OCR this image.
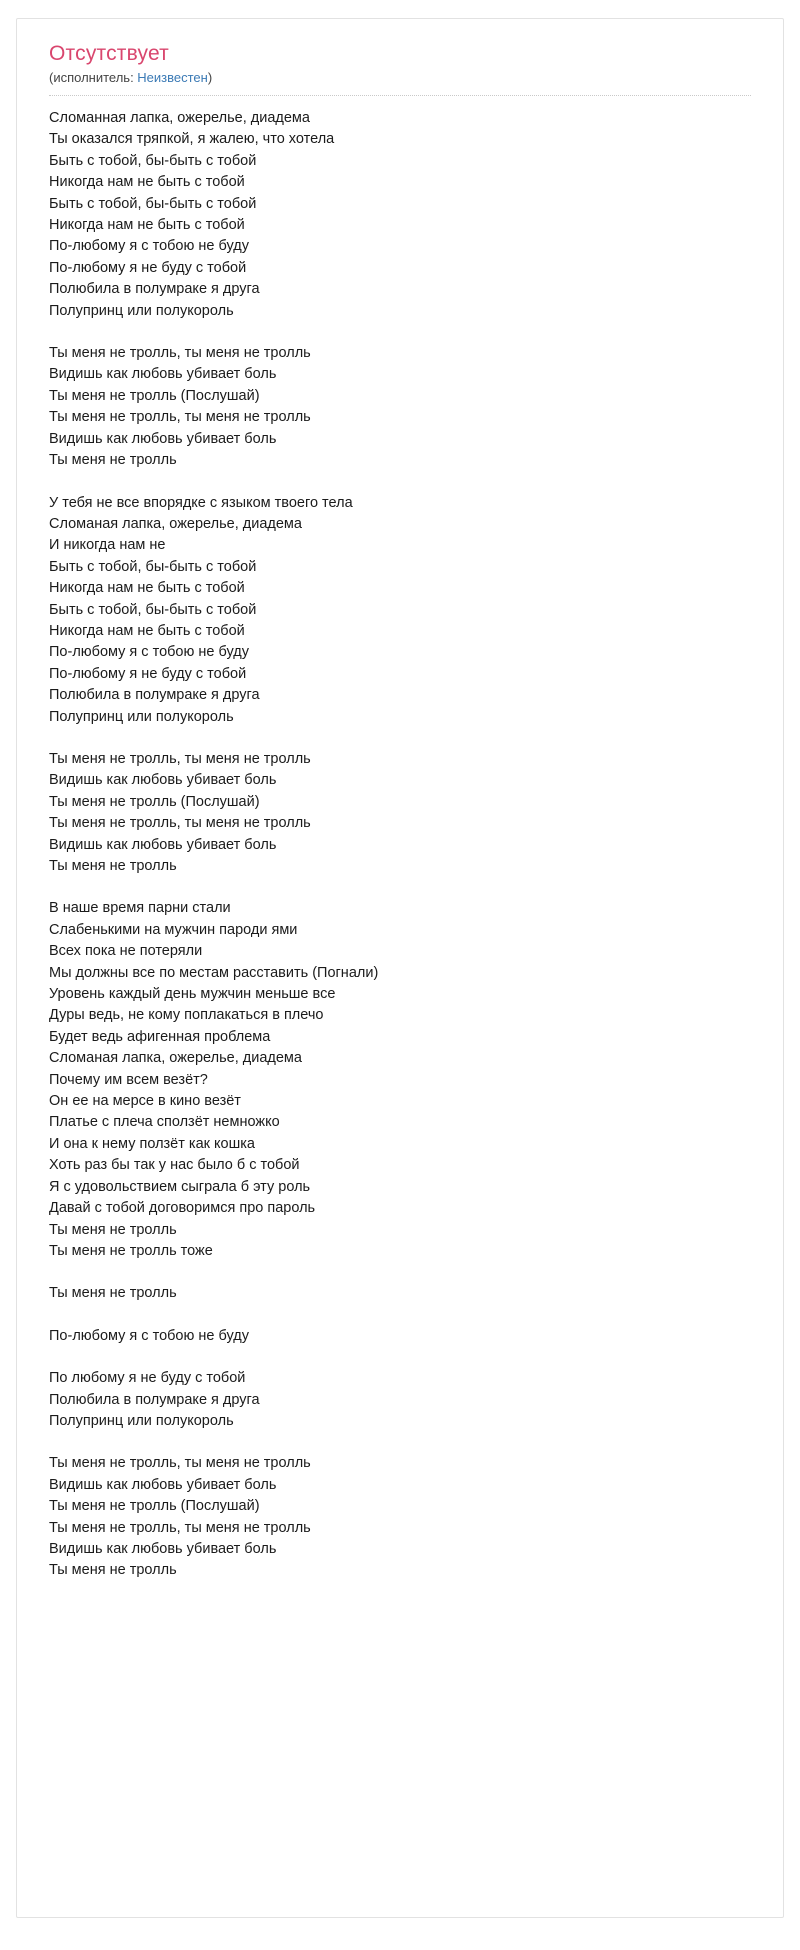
Отсутствует
(исполнитель: Неизвестен)
Сломанная лапка, ожерелье, диадема
Ты оказался тряпкой, я жалею, что хотела
Быть с тобой, бы-быть с тобой
Никогда нам не быть с тобой
Быть с тобой, бы-быть с тобой
Никогда нам не быть с тобой
По-любому я с тобою не буду
По-любому я не буду с тобой
Полюбила в полумраке я друга
Полупринц или полукороль
Ты меня не тролль, ты меня не тролль
Видишь как любовь убивает боль
Ты меня не тролль (Послушай)
Ты меня не тролль, ты меня не тролль
Видишь как любовь убивает боль
Ты меня не тролль
У тебя не все впорядке с языком твоего тела
Сломаная лапка, ожерелье, диадема
И никогда нам не
Быть с тобой, бы-быть с тобой
Никогда нам не быть с тобой
Быть с тобой, бы-быть с тобой
Никогда нам не быть с тобой
По-любому я с тобою не буду
По-любому я не буду с тобой
Полюбила в полумраке я друга
Полупринц или полукороль
Ты меня не тролль, ты меня не тролль
Видишь как любовь убивает боль
Ты меня не тролль (Послушай)
Ты меня не тролль, ты меня не тролль
Видишь как любовь убивает боль
Ты меня не тролль
В наше время парни стали
Слабенькими на мужчин пароди ями
Всех пока не потеряли
Мы должны все по местам расставить (Погнали)
Уровень каждый день мужчин меньше все
Дуры ведь, не кому поплакаться в плечо
Будет ведь афигенная проблема
Сломаная лапка, ожерелье, диадема
Почему им всем везёт?
Он ее на мерсе в кино везёт
Платье с плеча сползёт немножко
И она к нему ползёт как кошка
Хоть раз бы так у нас было б с тобой
Я с удовольствием сыграла б эту роль
Давай с тобой договоримся про пароль
Ты меня не тролль
Ты меня не тролль тоже
Ты меня не тролль
По-любому я с тобою не буду
По любому я не буду с тобой
Полюбила в полумраке я друга
Полупринц или полукороль
Ты меня не тролль, ты меня не тролль
Видишь как любовь убивает боль
Ты меня не тролль (Послушай)
Ты меня не тролль, ты меня не тролль
Видишь как любовь убивает боль
Ты меня не тролль
